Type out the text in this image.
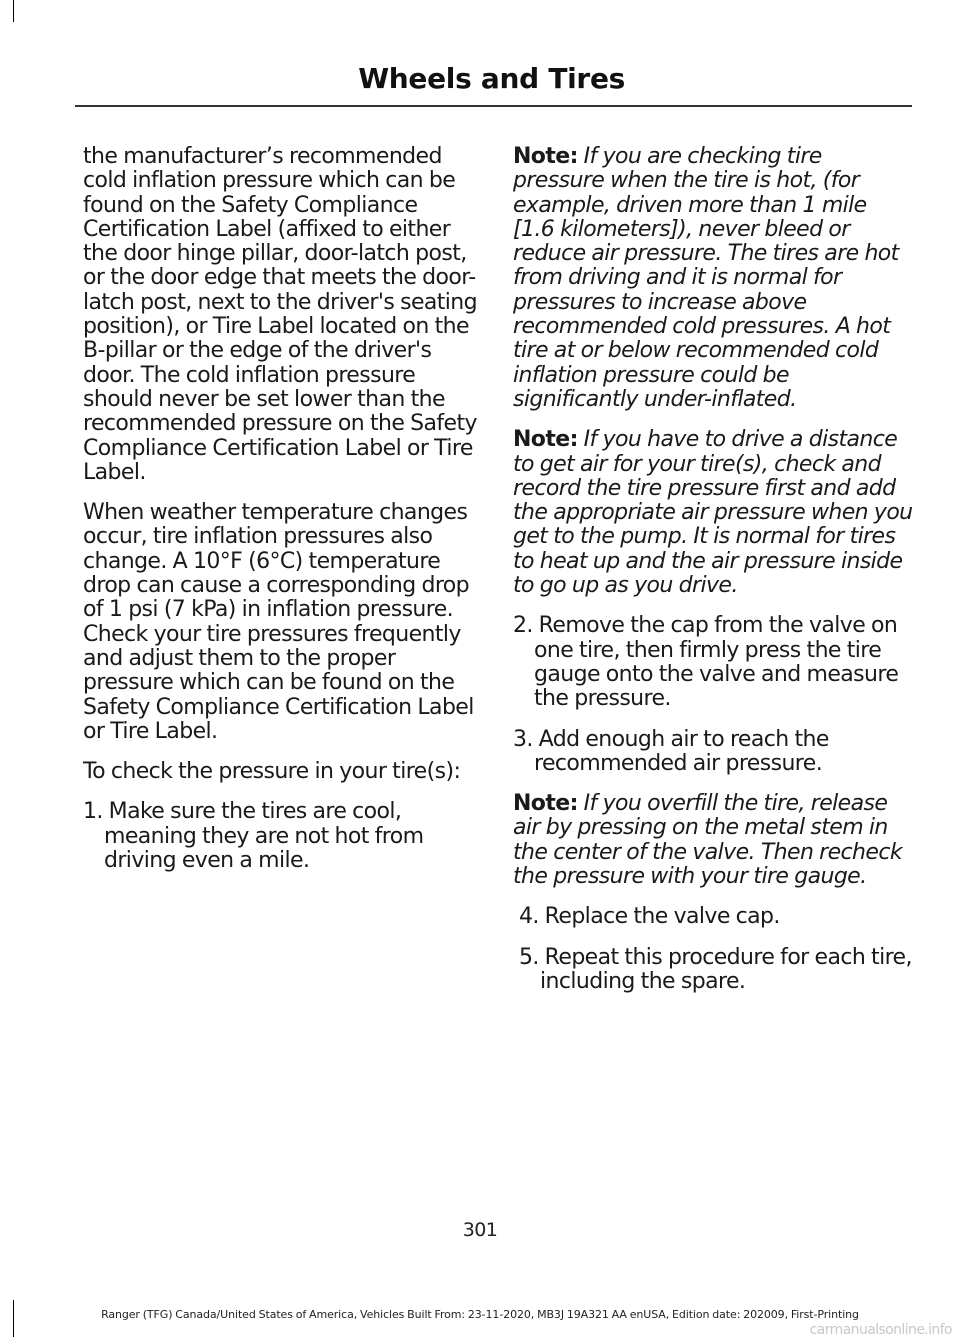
Wheels and Tires

the manufacturer’s recommended cold inflation pressure which can be found on the Safety Compliance Certification Label (affixed to either the door hinge pillar, door-latch post, or the door edge that meets the door-latch post, next to the driver's seating position), or Tire Label located on the B-pillar or the edge of the driver's door. The cold inflation pressure should never be set lower than the recommended pressure on the Safety Compliance Certification Label or Tire Label.

When weather temperature changes occur, tire inflation pressures also change. A 10°F (6°C) temperature drop can cause a corresponding drop of 1 psi (7 kPa) in inflation pressure. Check your tire pressures frequently and adjust them to the proper pressure which can be found on the Safety Compliance Certification Label or Tire Label.

To check the pressure in your tire(s):

1. Make sure the tires are cool, meaning they are not hot from driving even a mile.

Note: If you are checking tire pressure when the tire is hot, (for example, driven more than 1 mile [1.6 kilometers]), never bleed or reduce air pressure. The tires are hot from driving and it is normal for pressures to increase above recommended cold pressures. A hot tire at or below recommended cold inflation pressure could be significantly under-inflated.

Note: If you have to drive a distance to get air for your tire(s), check and record the tire pressure first and add the appropriate air pressure when you get to the pump. It is normal for tires to heat up and the air pressure inside to go up as you drive.

2. Remove the cap from the valve on one tire, then firmly press the tire gauge onto the valve and measure the pressure.

3. Add enough air to reach the recommended air pressure.

Note: If you overfill the tire, release air by pressing on the metal stem in the center of the valve. Then recheck the pressure with your tire gauge.

4. Replace the valve cap.

5. Repeat this procedure for each tire, including the spare.

301

Ranger (TFG) Canada/United States of America, Vehicles Built From: 23-11-2020, MB3J 19A321 AA enUSA, Edition date: 202009, First-Printing

carmanualsonline.info
